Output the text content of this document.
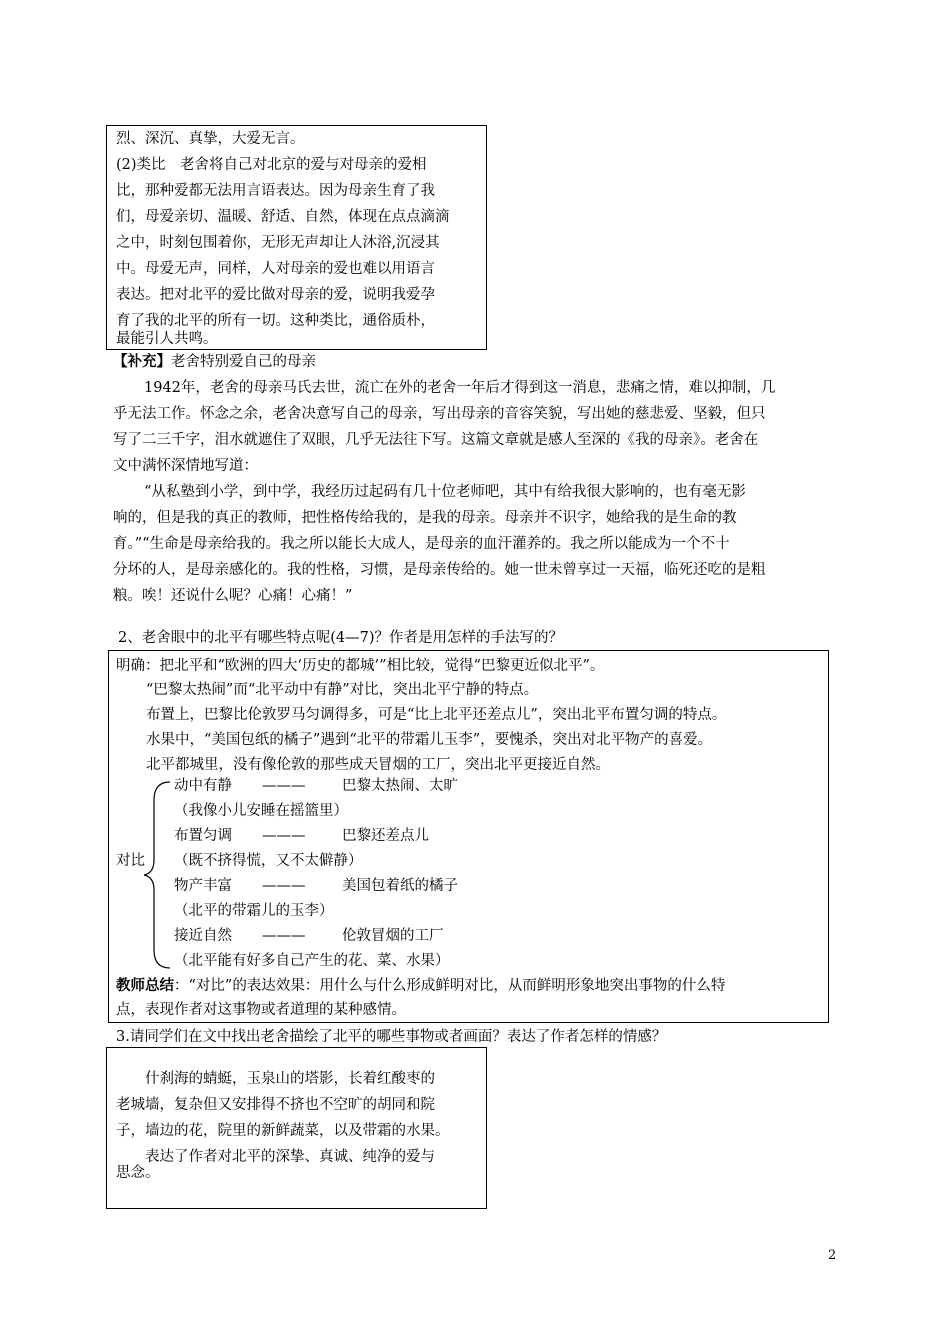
烈、深沉、真挚，大爱无言。
(2)类比　老舍将自己对北京的爱与对母亲的爱相
比，那种爱都无法用言语表达。因为母亲生育了我
们，母爱亲切、温暖、舒适、自然，体现在点点滴滴
之中，时刻包围着你，无形无声却让人沐浴,沉浸其
中。母爱无声，同样，人对母亲的爱也难以用语言
表达。把对北平的爱比做对母亲的爱，说明我爱孕
育了我的北平的所有一切。这种类比，通俗质朴，
最能引人共鸣。
【补充】老舍特别爱自己的母亲
1942年，老舍的母亲马氏去世，流亡在外的老舍一年后才得到这一消息，悲痛之情，难以抑制，几
乎无法工作。怀念之余，老舍决意写自己的母亲，写出母亲的音容笑貌，写出她的慈悲爱、坚毅，但只
写了二三千字，泪水就遮住了双眼，几乎无法往下写。这篇文章就是感人至深的《我的母亲》。老舍在
文中满怀深情地写道：
“从私塾到小学，到中学，我经历过起码有几十位老师吧，其中有给我很大影响的，也有毫无影
响的，但是我的真正的教师，把性格传给我的，是我的母亲。母亲并不识字，她给我的是生命的教
育。”“生命是母亲给我的。我之所以能长大成人，是母亲的血汗灌养的。我之所以能成为一个不十
分坏的人，是母亲感化的。我的性格，习惯，是母亲传给的。她一世未曾享过一天福，临死还吃的是粗
粮。唉！还说什么呢？心痛！心痛！”
2、老舍眼中的北平有哪些特点呢(4—7)？作者是用怎样的手法写的？
明确：把北平和“欧洲的四大‘历史的都城’”相比较，觉得“巴黎更近似北平”。
“巴黎太热闹”而“北平动中有静”对比，突出北平宁静的特点。
布置上，巴黎比伦敦罗马匀调得多，可是“比上北平还差点儿”，突出北平布置匀调的特点。
水果中，“美国包纸的橘子”遇到“北平的带霜儿玉李”，要愧杀，突出对北平物产的喜爱。
北平都城里，没有像伦敦的那些成天冒烟的工厂，突出北平更接近自然。
对比
动中有静 ———	巴黎太热闹、太旷
（我像小儿安睡在摇篮里）
布置匀调 ———	巴黎还差点儿
（既不挤得慌，又不太僻静）
物产丰富 ———	美国包着纸的橘子
（北平的带霜儿的玉李）
接近自然 ———	伦敦冒烟的工厂
（北平能有好多自己产生的花、菜、水果）
教师总结：“对比”的表达效果：用什么与什么形成鲜明对比，从而鲜明形象地突出事物的什么特
点，表现作者对这事物或者道理的某种感情。
3.请同学们在文中找出老舍描绘了北平的哪些事物或者画面？表达了作者怎样的情感？
什刹海的蜻蜓，玉泉山的塔影，长着红酸枣的
老城墙，复杂但又安排得不挤也不空旷的胡同和院
子，墙边的花，院里的新鲜蔬菜，以及带霜的水果。
表达了作者对北平的深挚、真诚、纯净的爱与
思念。
2
